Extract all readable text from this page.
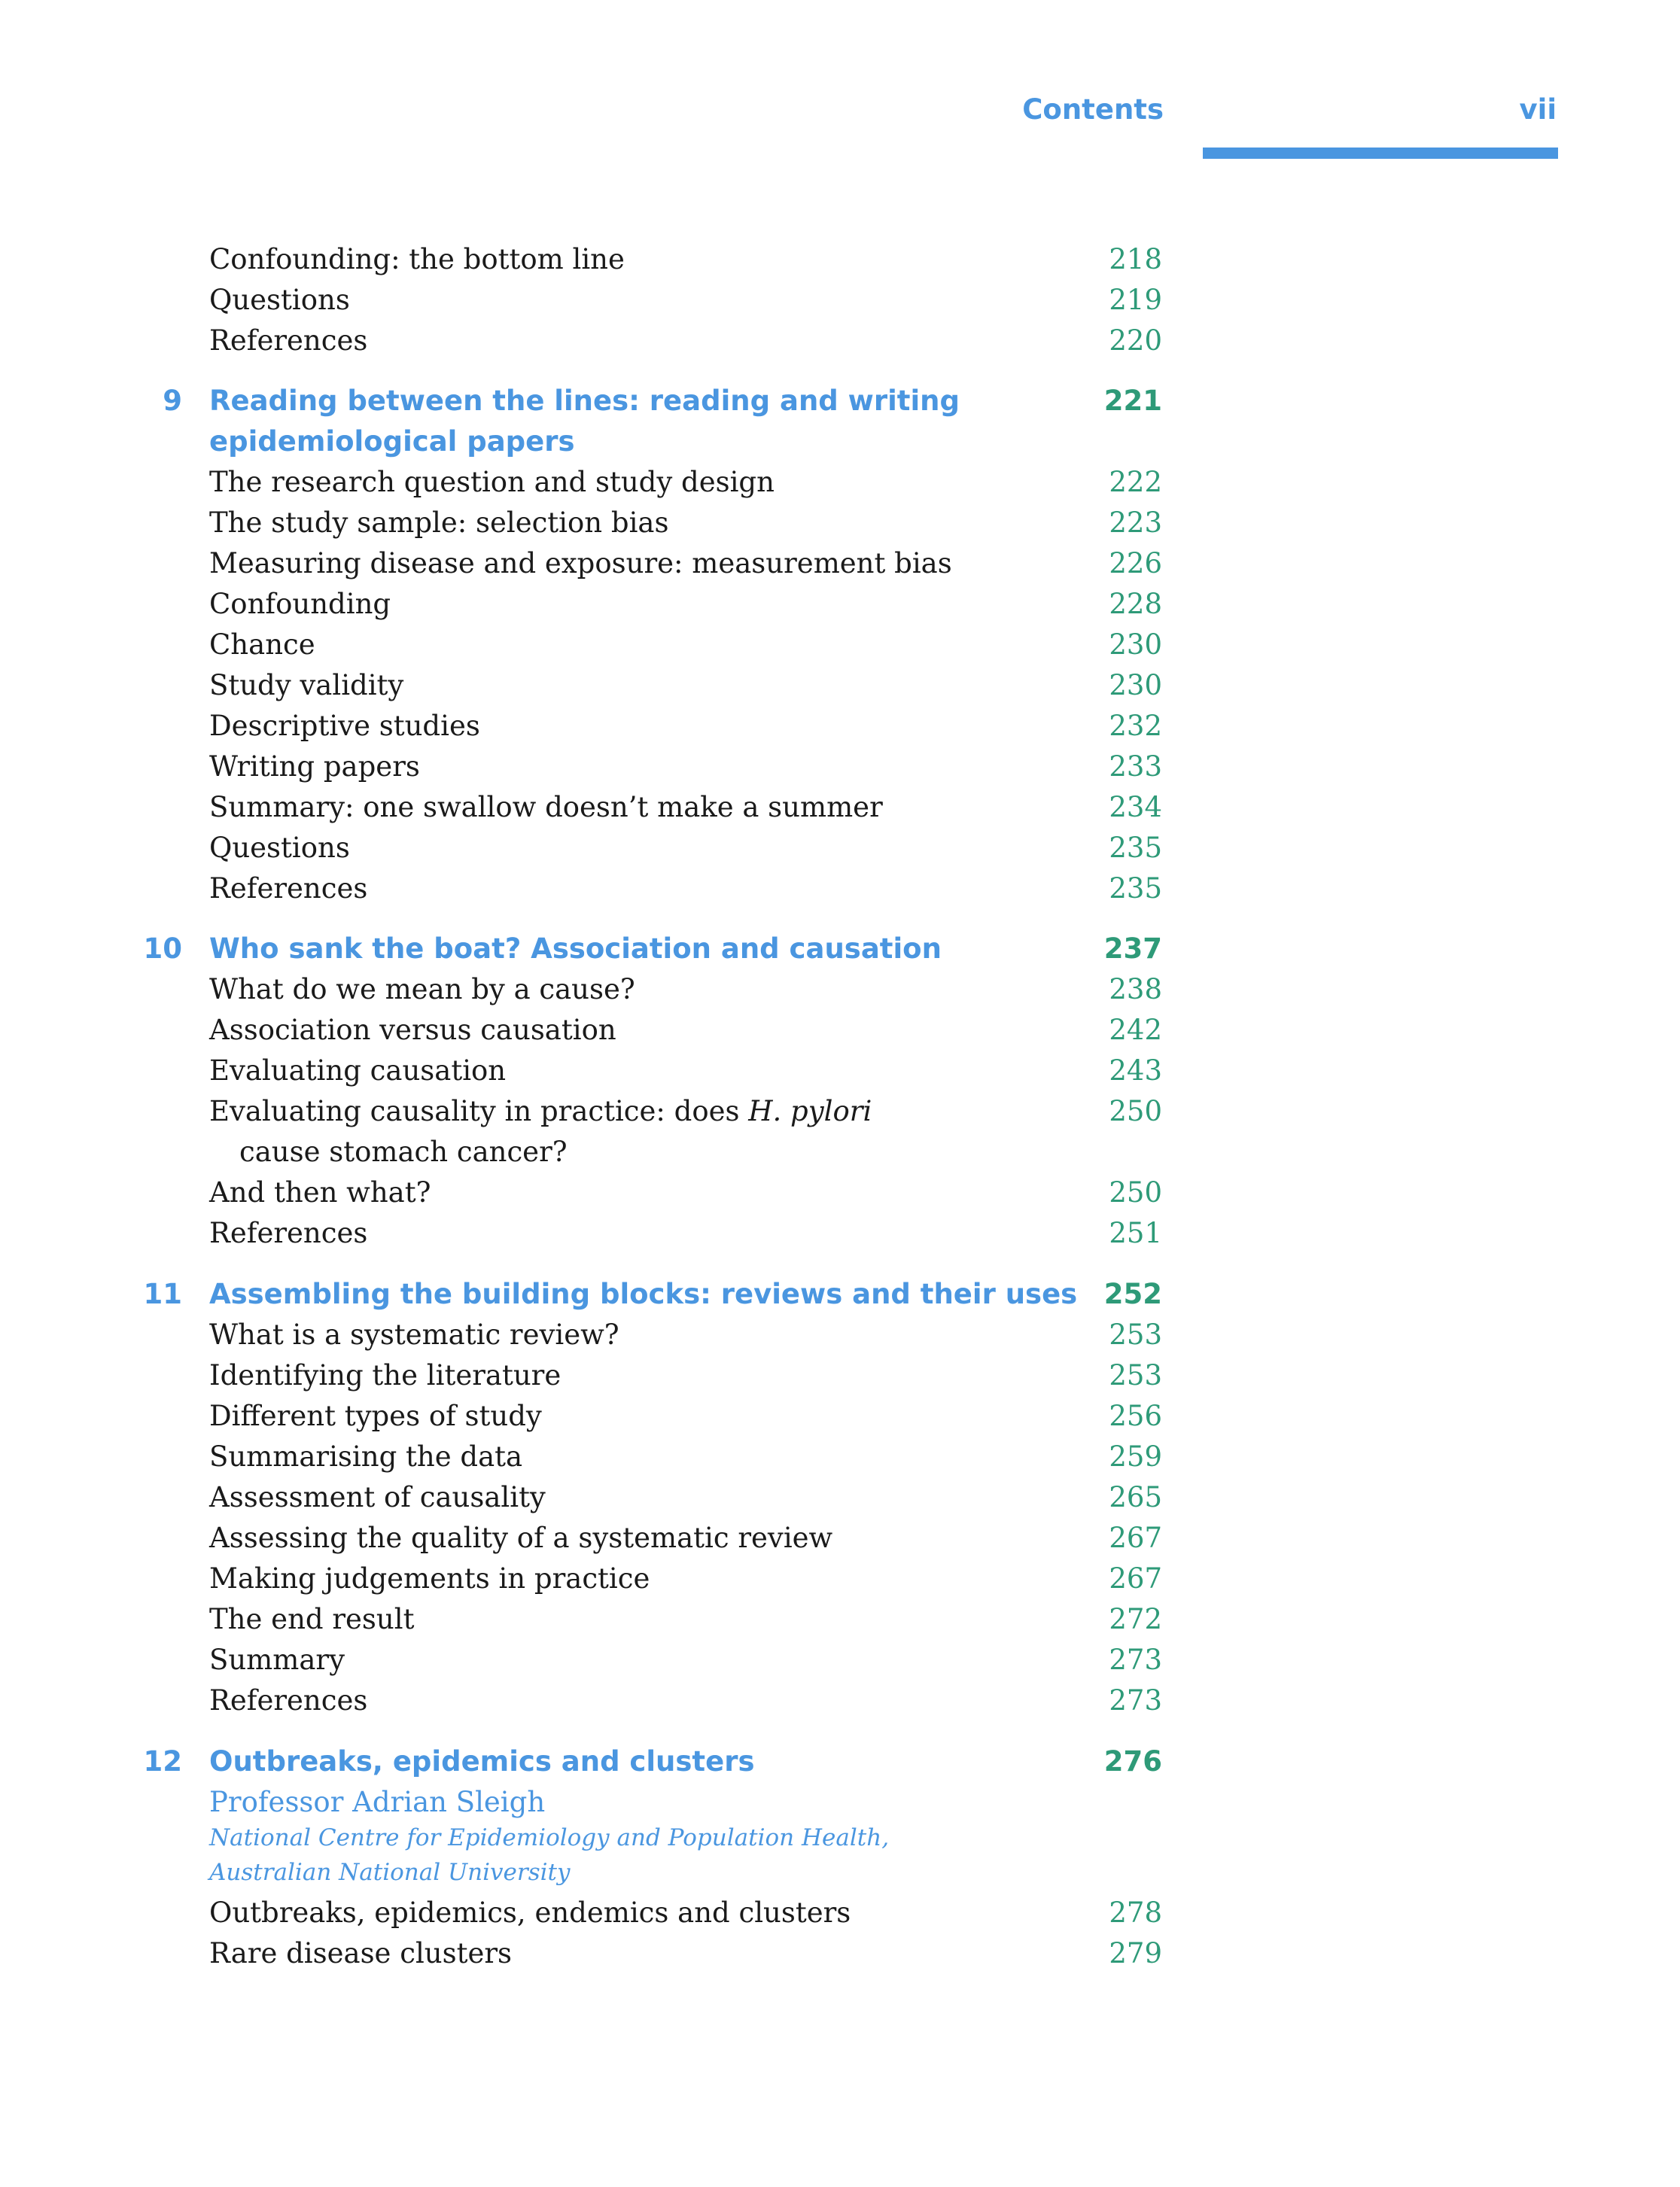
Contents	vii
Confounding: the bottom line	218
Questions	219
References	220
9 Reading between the lines: reading and writing	221
epidemiological papers
The research question and study design	222
The study sample: selection bias	223
Measuring disease and exposure: measurement bias	226
Confounding	228
Chance	230
Study validity	230
Descriptive studies	232
Writing papers	233
Summary: one swallow doesn’t make a summer	234
Questions	235
References	235
10 Who sank the boat? Association and causation	237
What do we mean by a cause?	238
Association versus causation	242
Evaluating causation	243
Evaluating causality in practice: does H. pylori	250
cause stomach cancer?
And then what?	250
References	251
11 Assembling the building blocks: reviews and their uses 252
What is a systematic review?	253
Identifying the literature	253
Different types of study	256
Summarising the data	259
Assessment of causality	265
Assessing the quality of a systematic review	267
Making judgements in practice	267
The end result	272
Summary	273
References	273
12 Outbreaks, epidemics and clusters	276
Professor Adrian Sleigh
National Centre for Epidemiology and Population Health,
Australian National University
Outbreaks, epidemics, endemics and clusters	278
Rare disease clusters	279
